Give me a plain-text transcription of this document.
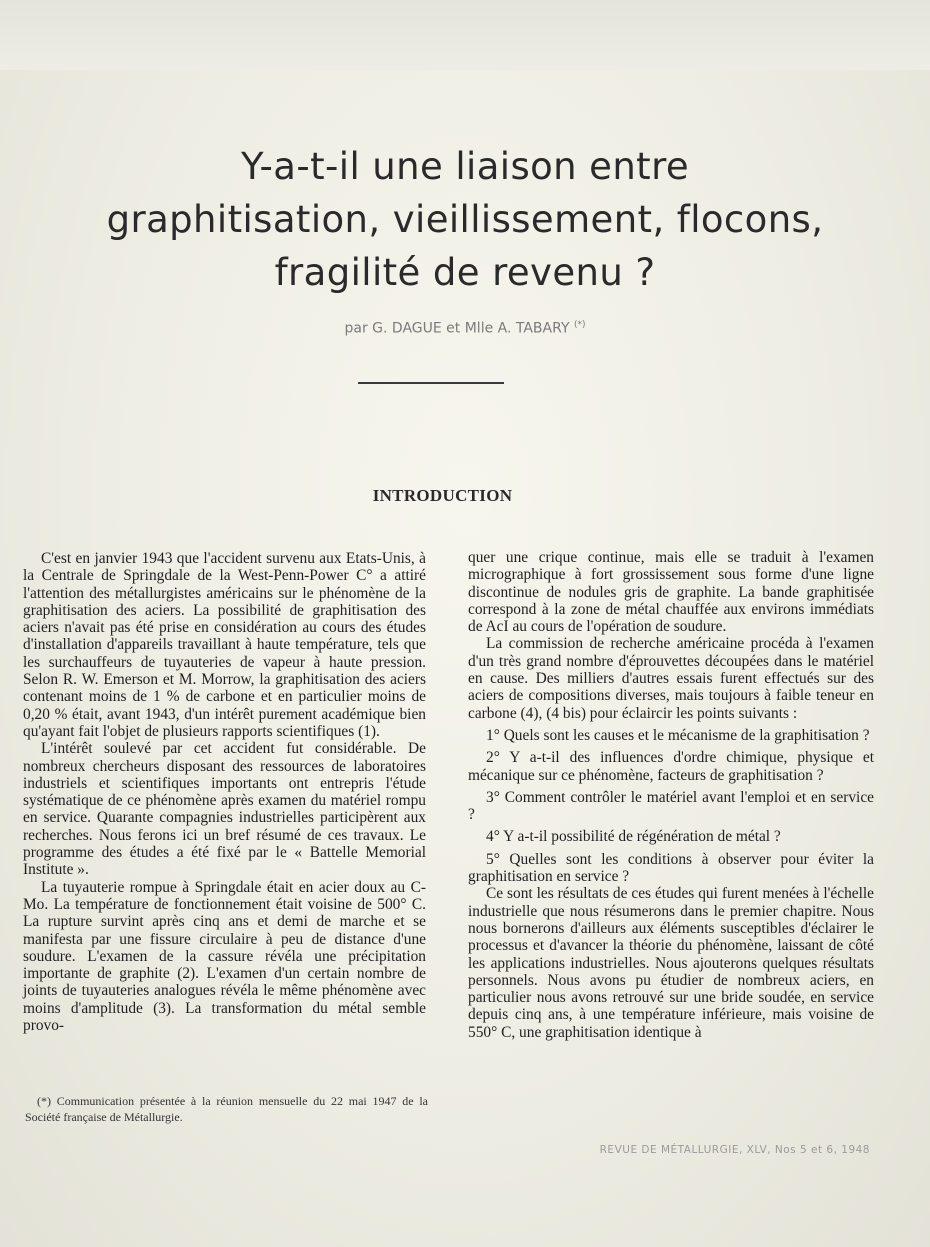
Y-a-t-il une liaison entre
graphitisation, vieillissement, flocons,
fragilité de revenu ?
par G. DAGUE et Mlle A. TABARY (*)
INTRODUCTION

C'est en janvier 1943 que l'accident survenu aux Etats-Unis, à la Centrale de Springdale de la West-Penn-Power C° a attiré l'attention des métallurgistes américains sur le phénomène de la graphitisation des aciers. La possibilité de graphitisation des aciers n'avait pas été prise en considération au cours des études d'installation d'appareils travaillant à haute température, tels que les surchauffeurs de tuyauteries de vapeur à haute pression. Selon R. W. Emerson et M. Morrow, la graphitisation des aciers contenant moins de 1 % de carbone et en particulier moins de 0,20 % était, avant 1943, d'un intérêt purement académique bien qu'ayant fait l'objet de plusieurs rapports scientifiques (1).

L'intérêt soulevé par cet accident fut considérable. De nombreux chercheurs disposant des ressources de laboratoires industriels et scientifiques importants ont entrepris l'étude systématique de ce phénomène après examen du matériel rompu en service. Quarante compagnies industrielles participèrent aux recherches. Nous ferons ici un bref résumé de ces travaux. Le programme des études a été fixé par le « Battelle Memorial Institute ».

La tuyauterie rompue à Springdale était en acier doux au C-Mo. La température de fonctionnement était voisine de 500° C. La rupture survint après cinq ans et demi de marche et se manifesta par une fissure circulaire à peu de distance d'une soudure. L'examen de la cassure révéla une précipitation importante de graphite (2). L'examen d'un certain nombre de joints de tuyauteries analogues révéla le même phénomène avec moins d'amplitude (3). La transformation du métal semble provo-

(*) Communication présentée à la réunion mensuelle du 22 mai 1947 de la Société française de Métallurgie.

quer une crique continue, mais elle se traduit à l'examen micrographique à fort grossissement sous forme d'une ligne discontinue de nodules gris de graphite. La bande graphitisée correspond à la zone de métal chauffée aux environs immédiats de AcI au cours de l'opération de soudure.

La commission de recherche américaine procéda à l'examen d'un très grand nombre d'éprouvettes découpées dans le matériel en cause. Des milliers d'autres essais furent effectués sur des aciers de compositions diverses, mais toujours à faible teneur en carbone (4), (4 bis) pour éclaircir les points suivants :

1° Quels sont les causes et le mécanisme de la graphitisation ?

2° Y a-t-il des influences d'ordre chimique, physique et mécanique sur ce phénomène, facteurs de graphitisation ?

3° Comment contrôler le matériel avant l'emploi et en service ?

4° Y a-t-il possibilité de régénération de métal ?

5° Quelles sont les conditions à observer pour éviter la graphitisation en service ?

Ce sont les résultats de ces études qui furent menées à l'échelle industrielle que nous résumerons dans le premier chapitre. Nous nous bornerons d'ailleurs aux éléments susceptibles d'éclairer le processus et d'avancer la théorie du phénomène, laissant de côté les applications industrielles. Nous ajouterons quelques résultats personnels. Nous avons pu étudier de nombreux aciers, en particulier nous avons retrouvé sur une bride soudée, en service depuis cinq ans, à une température inférieure, mais voisine de 550° C, une graphitisation identique à

REVUE DE MÉTALLURGIE, XLV, Nos 5 et 6, 1948
